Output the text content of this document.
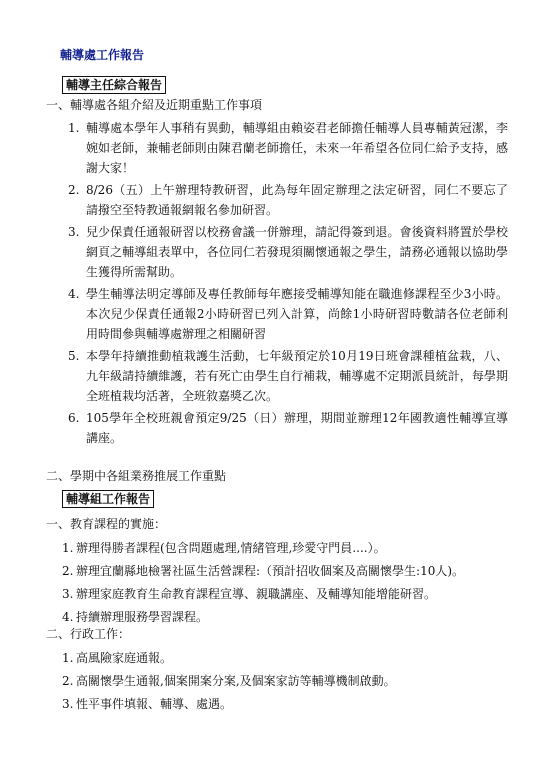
輔導處工作報告
輔導主任綜合報告
一、輔導處各組介紹及近期重點工作事項
1. 輔導處本學年人事稍有異動，輔導組由賴姿君老師擔任輔導人員專輔黃冠潔，李婉如老師，兼輔老師則由陳君蘭老師擔任，未來一年希望各位同仁給予支持，感謝大家！
2. 8/26（五）上午辦理特教研習，此為每年固定辦理之法定研習，同仁不要忘了請撥空至特教通報網報名參加研習。
3. 兒少保責任通報研習以校務會議一併辦理，請記得簽到退。會後資料將置於學校網頁之輔導組表單中，各位同仁若發現須關懷通報之學生，請務必通報以協助學生獲得所需幫助。
4. 學生輔導法明定導師及專任教師每年應接受輔導知能在職進修課程至少3小時。本次兒少保責任通報2小時研習已列入計算，尚餘1小時研習時數請各位老師利用時間參與輔導處辦理之相關研習
5. 本學年持續推動植栽護生活動，七年級預定於10月19日班會課種植盆栽，八、九年級請持續維護，若有死亡由學生自行補栽，輔導處不定期派員統計，每學期全班植栽均活著，全班敘嘉獎乙次。
6. 105學年全校班親會預定9/25（日）辦理，期間並辦理12年國教適性輔導宣導講座。
二、學期中各組業務推展工作重點
輔導組工作報告
一、教育課程的實施：
1. 辦理得勝者課程(包含問題處理,情緒管理,珍愛守門員....）。
2. 辦理宜蘭縣地檢署社區生活營課程:（預計招收個案及高關懷學生:10人)。
3. 辦理家庭教育生命教育課程宣導、親職講座、及輔導知能增能研習。
4. 持續辦理服務學習課程。
二、行政工作：
1. 高風險家庭通報。
2. 高關懷學生通報,個案開案分案,及個案家訪等輔導機制啟動。
3. 性平事件填報、輔導、處遇。
